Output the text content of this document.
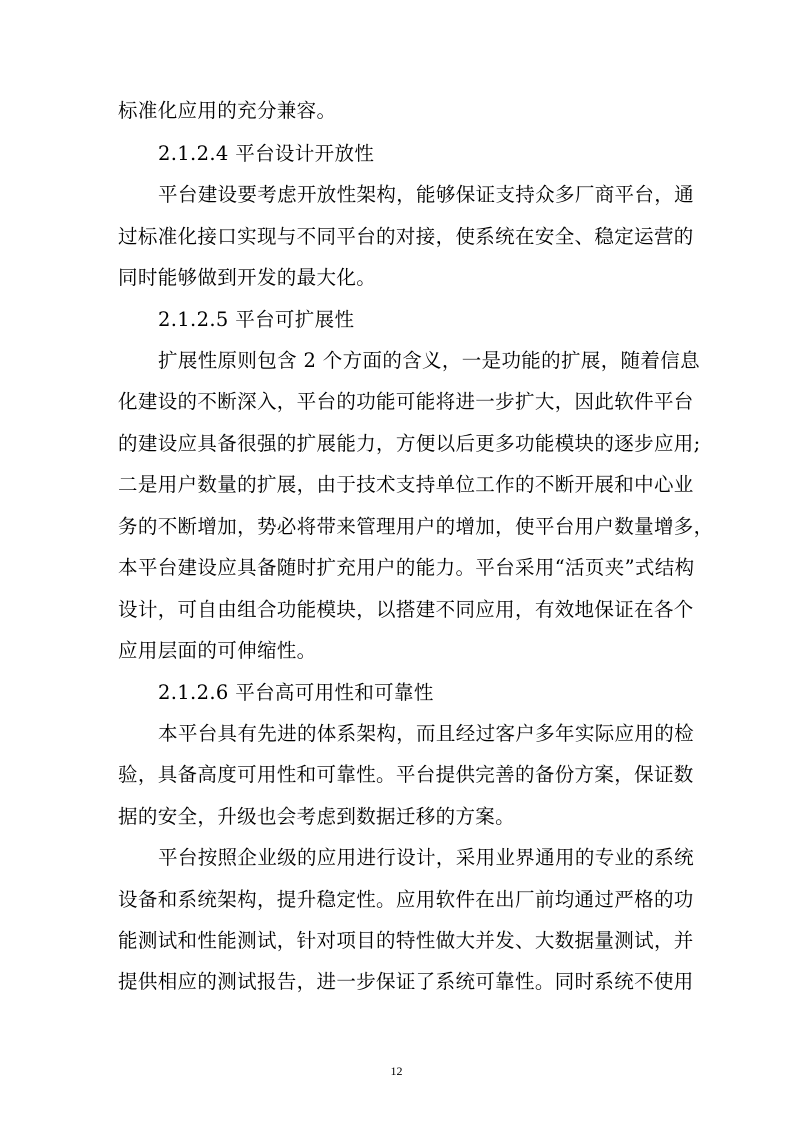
标准化应用的充分兼容。
2.1.2.4 平台设计开放性
平台建设要考虑开放性架构，能够保证支持众多厂商平台，通
过标准化接口实现与不同平台的对接，使系统在安全、稳定运营的
同时能够做到开发的最大化。
2.1.2.5 平台可扩展性
扩展性原则包含 2 个方面的含义，一是功能的扩展，随着信息
化建设的不断深入，平台的功能可能将进一步扩大，因此软件平台
的建设应具备很强的扩展能力，方便以后更多功能模块的逐步应用;
二是用户数量的扩展，由于技术支持单位工作的不断开展和中心业
务的不断增加，势必将带来管理用户的增加，使平台用户数量增多，
本平台建设应具备随时扩充用户的能力。平台采用“活页夹”式结构
设计，可自由组合功能模块，以搭建不同应用，有效地保证在各个
应用层面的可伸缩性。
2.1.2.6 平台高可用性和可靠性
本平台具有先进的体系架构，而且经过客户多年实际应用的检
验，具备高度可用性和可靠性。平台提供完善的备份方案，保证数
据的安全，升级也会考虑到数据迁移的方案。
平台按照企业级的应用进行设计，采用业界通用的专业的系统
设备和系统架构，提升稳定性。应用软件在出厂前均通过严格的功
能测试和性能测试，针对项目的特性做大并发、大数据量测试，并
提供相应的测试报告，进一步保证了系统可靠性。同时系统不使用
12
